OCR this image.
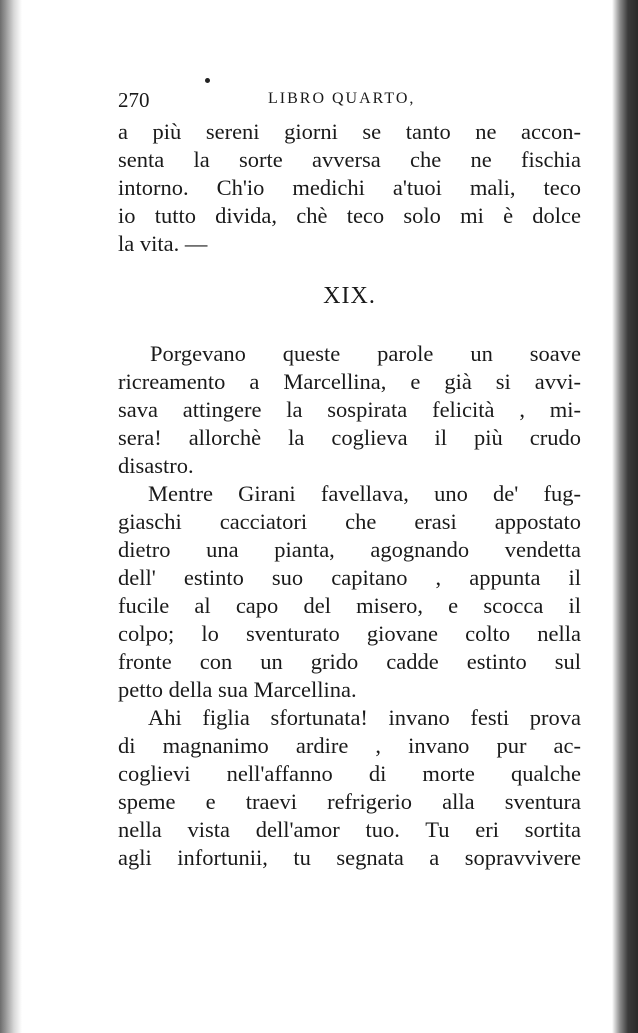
270	LIBRO QUARTO,
a più sereni giorni se tanto ne accon-
senta la sorte avversa che ne fischia
intorno. Ch'io medichi a'tuoi mali, teco
io tutto divida, chè teco solo mi è dolce
la vita. —
XIX.
Porgevano queste parole un soave
ricreamento a Marcellina, e già si avvi-
sava attingere la sospirata felicità , mi-
sera! allorchè la coglieva il più crudo
disastro.
Mentre Girani favellava, uno de' fug-
giaschi cacciatori che erasi appostato
dietro una pianta, agognando vendetta
dell' estinto suo capitano , appunta il
fucile al capo del misero, e scocca il
colpo; lo sventurato giovane colto nella
fronte con un grido cadde estinto sul
petto della sua Marcellina.
Ahi figlia sfortunata! invano festi prova
di magnanimo ardire , invano pur ac-
coglievi nell'affanno di morte qualche
speme e traevi refrigerio alla sventura
nella vista dell'amor tuo. Tu eri sortita
agli infortunii, tu segnata a sopravvivere
